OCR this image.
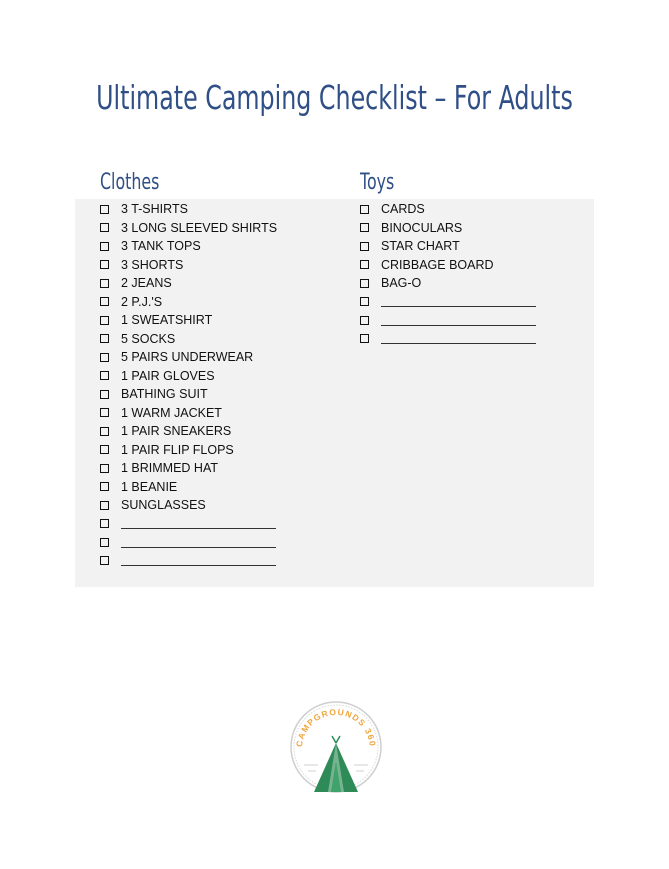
Ultimate Camping Checklist – For Adults
Clothes	Toys
3 T-SHIRTS
3 LONG SLEEVED SHIRTS
3 TANK TOPS
3 SHORTS
2 JEANS
2 P.J.'S
1 SWEATSHIRT
5 SOCKS
5 PAIRS UNDERWEAR
1 PAIR GLOVES
BATHING SUIT
1 WARM JACKET
1 PAIR SNEAKERS
1 PAIR FLIP FLOPS
1 BRIMMED HAT
1 BEANIE
SUNGLASSES
CARDS
BINOCULARS
STAR CHART
CRIBBAGE BOARD
BAG-O
CAMPGROUNDS 360
